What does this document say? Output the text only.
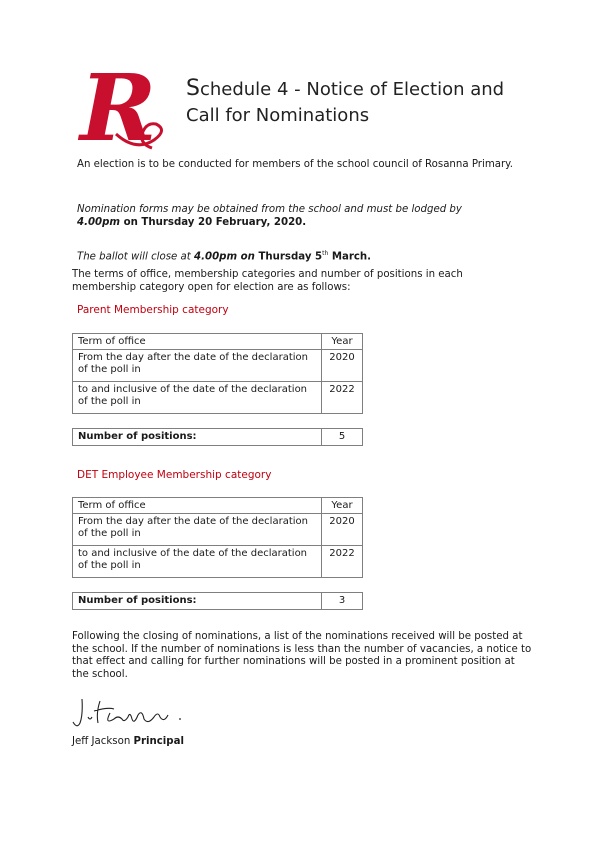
R Schedule 4 - Notice of Election and
Call for Nominations

An election is to be conducted for members of the school council of Rosanna Primary.

Nomination forms may be obtained from the school and must be lodged by 4.00pm on Thursday 20 February, 2020.

The ballot will close at 4.00pm on Thursday 5th March.

The terms of office, membership categories and number of positions in each membership category open for election are as follows:

Parent Membership category

Term of office	Year
From the day after the date of the declaration of the poll in	2020
to and inclusive of the date of the declaration of the poll in	2022
Number of positions:	5

DET Employee Membership category

Term of office	Year
From the day after the date of the declaration of the poll in	2020
to and inclusive of the date of the declaration of the poll in	2022
Number of positions:	3

Following the closing of nominations, a list of the nominations received will be posted at the school. If the number of nominations is less than the number of vacancies, a notice to that effect and calling for further nominations will be posted in a prominent position at the school.

Jeff Jackson Principal
